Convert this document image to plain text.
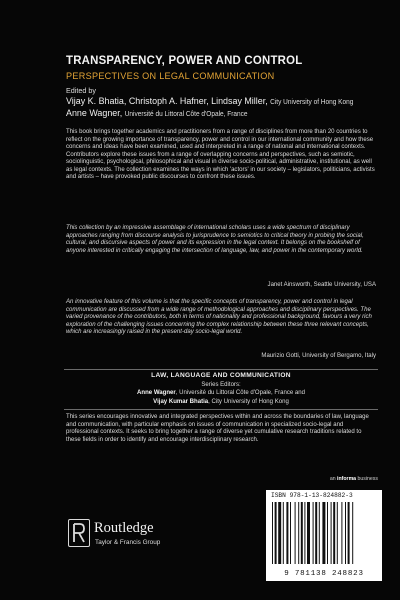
TRANSPARENCY, POWER AND CONTROL
PERSPECTIVES ON LEGAL COMMUNICATION
Edited by
Vijay K. Bhatia, Christoph A. Hafner, Lindsay Miller, City University of Hong Kong
Anne Wagner, Université du Littoral Côte d'Opale, France
This book brings together academics and practitioners from a range of disciplines from more than 20 countries to reflect on the growing importance of transparency, power and control in our international community and how these concerns and ideas have been examined, used and interpreted in a range of national and international contexts. Contributors explore these issues from a range of overlapping concerns and perspectives, such as semiotic, sociolinguistic, psychological, philosophical and visual in diverse socio-political, administrative, institutional, as well as legal contexts. The collection examines the ways in which 'actors' in our society – legislators, politicians, activists and artists – have provoked public discourses to confront these issues.
This collection by an impressive assemblage of international scholars uses a wide spectrum of disciplinary approaches ranging from discourse analysis to jurisprudence to semiotics to critical theory in probing the social, cultural, and discursive aspects of power and its expression in the legal context. It belongs on the bookshelf of anyone interested in critically engaging the intersection of language, law, and power in the contemporary world.
Janet Ainsworth, Seattle University, USA
An innovative feature of this volume is that the specific concepts of transparency, power and control in legal communication are discussed from a wide range of methodological approaches and disciplinary perspectives. The varied provenance of the contributors, both in terms of nationality and professional background, favours a very rich exploration of the challenging issues concerning the complex relationship between these three relevant concepts, which are increasingly raised in the present-day socio-legal world.
Maurizio Gotti, University of Bergamo, Italy
LAW, LANGUAGE AND COMMUNICATION
Series Editors:
Anne Wagner, Université du Littoral Côte d'Opale, France and
Vijay Kumar Bhatia, City University of Hong Kong
This series encourages innovative and integrated perspectives within and across the boundaries of law, language and communication, with particular emphasis on issues of communication in specialized socio-legal and professional contexts. It seeks to bring together a range of diverse yet cumulative research traditions related to these fields in order to identify and encourage interdisciplinary research.
an informa business
ISBN 978-1-13-824882-3
9 781138 248823
Routledge
Taylor & Francis Group
